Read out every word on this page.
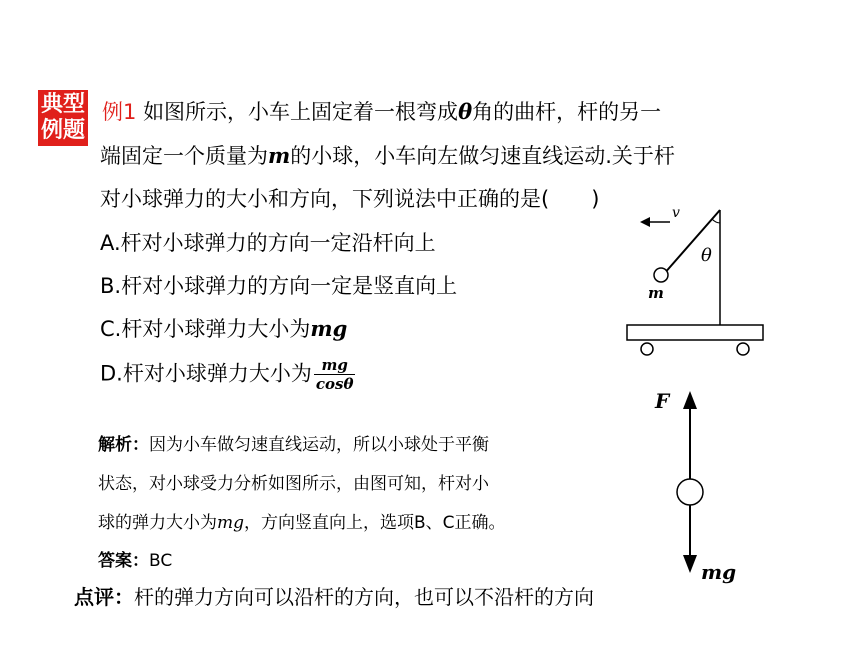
典型
例题
例1 如图所示，小车上固定着一根弯成θ角的曲杆，杆的另一
端固定一个质量为m的小球，小车向左做匀速直线运动.关于杆
对小球弹力的大小和方向，下列说法中正确的是(　　)
A.杆对小球弹力的方向一定沿杆向上
B.杆对小球弹力的方向一定是竖直向上
C.杆对小球弹力大小为mg
D.杆对小球弹力大小为 $\frac{mg}{\cos\theta}$
v
θ
m
F
mg
解析：因为小车做匀速直线运动，所以小球处于平衡
状态，对小球受力分析如图所示，由图可知，杆对小
球的弹力大小为mg，方向竖直向上，选项B、C正确。
答案：BC
点评：杆的弹力方向可以沿杆的方向，也可以不沿杆的方向
